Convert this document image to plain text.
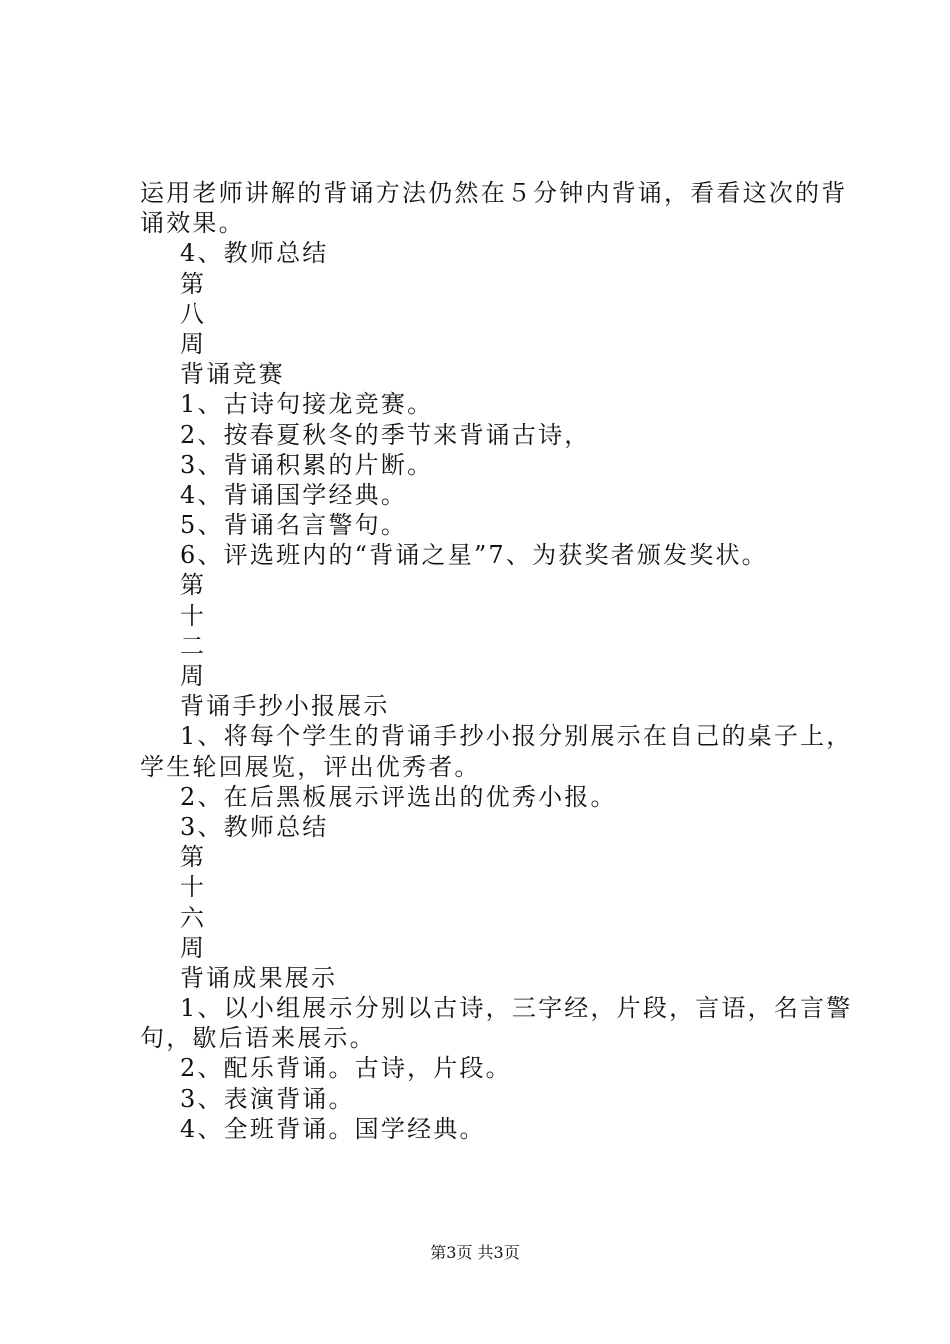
运用老师讲解的背诵方法仍然在５分钟内背诵，看看这次的背
诵效果。
4、教师总结
第
八
周
背诵竞赛
1、古诗句接龙竞赛。
2、按春夏秋冬的季节来背诵古诗，
3、背诵积累的片断。
4、背诵国学经典。
5、背诵名言警句。
6、评选班内的“背诵之星”7、为获奖者颁发奖状。
第
十
二
周
背诵手抄小报展示
1、将每个学生的背诵手抄小报分别展示在自己的桌子上，
学生轮回展览，评出优秀者。
2、在后黑板展示评选出的优秀小报。
3、教师总结
第
十
六
周
背诵成果展示
1、以小组展示分别以古诗，三字经，片段，言语，名言警
句，歇后语来展示。
2、配乐背诵。古诗，片段。
3、表演背诵。
4、全班背诵。国学经典。
第3页 共3页
